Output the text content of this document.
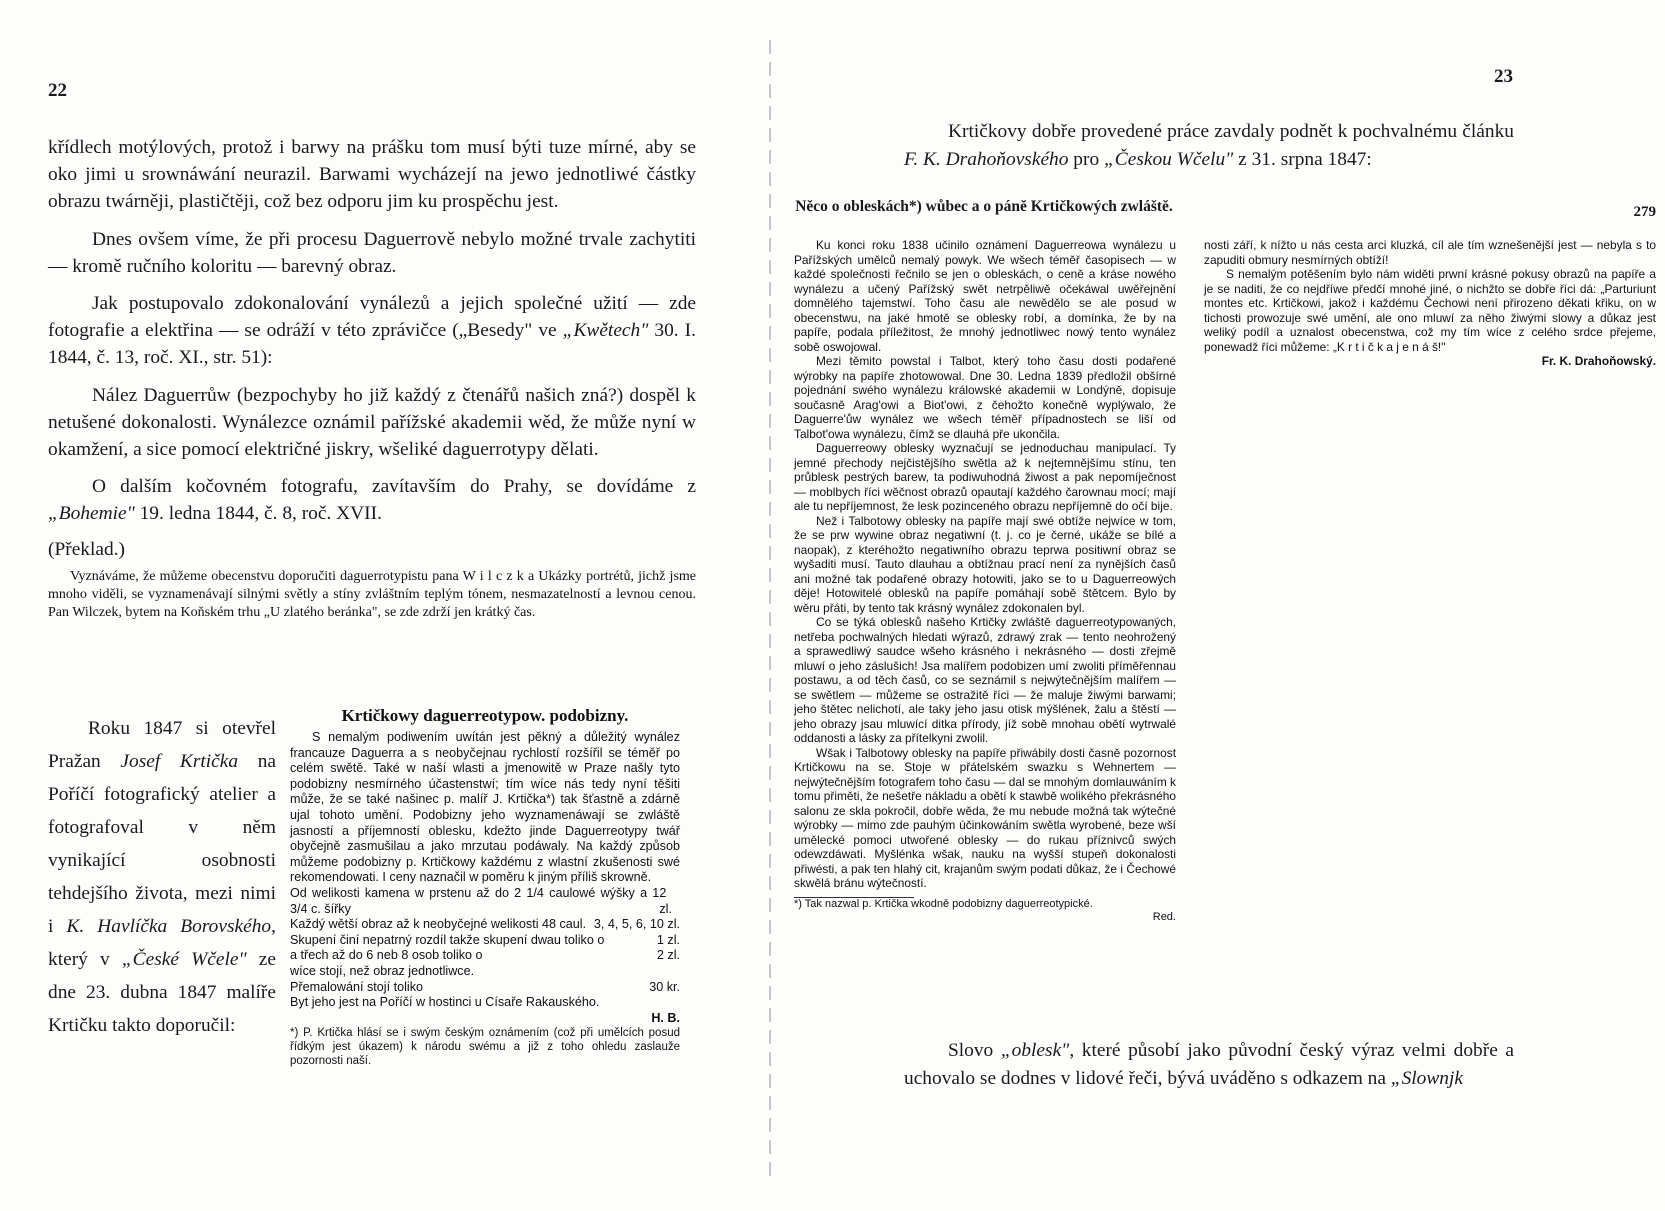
22

křídlech motýlových, protož i barwy na prášku tom musí býti tuze mírné, aby se oko jimi u srownáwání neurazil. Barwami wycházejí na jewo jednotliwé částky obrazu twárněji, plastičtěji, což bez odporu jim ku prospěchu jest.

Dnes ovšem víme, že při procesu Daguerrově nebylo možné trvale zachytiti — kromě ručního koloritu — barevný obraz.

Jak postupovalo zdokonalování vynálezů a jejich společné užití — zde fotografie a elektřina — se odráží v této zprávičce („Besedy" ve „Kwětech" 30. I. 1844, č. 13, roč. XI., str. 51):

Nález Daguerrůw (bezpochyby ho již každý z čtenářů našich zná?) dospěl k netušené dokonalosti. Wynálezce oznámil pařížské akademii wěd, že může nyní w okamžení, a sice pomocí električné jiskry, wšeliké daguerrotypy dělati.

O dalším kočovném fotografu, zavítavším do Prahy, se dovídáme z „Bohemie" 19. ledna 1844, č. 8, roč. XVII.

(Překlad.)

Vyznáváme, že můžeme obecenstvu doporučiti daguerrotypistu pana W i l c z k a Ukázky portrétů, jichž jsme mnoho viděli, se vyznamenávají silnými světly a stíny zvláštním teplým tónem, nesmazatelností a levnou cenou. Pan Wilczek, bytem na Koňském trhu „U zlatého beránka", se zde zdrží jen krátký čas.

Roku 1847 si otevřel Pražan Josef Krtička na Poříčí fotografický atelier a fotografoval v něm vynikající osobnosti tehdejšího života, mezi nimi i K. Havlíčka Borovského, který v „České Wčele" ze dne 23. dubna 1847 malíře Krtičku takto doporučil:

Krtičkowy daguerreotypow. podobizny.

S nemalým podiwením uwítán jest pěkný a důležitý wynález francauze Daguerra a s neobyčejnau rychlostí rozšířil se téměř po celém swětě. Také w naší wlasti a jmenowitě w Praze našly tyto podobizny nesmírného účastenstwí; tím wíce nás tedy nyní těšiti může, že se také našinec p. malíř J. Krtička*) tak šťastně a zdárně ujal tohoto umění. Podobizny jeho wyznamenáwají se zwláště jasností a příjemností oblesku, kdežto jinde Daguerreotypy twář obyčejně zasmušilau a jako mrzutau podáwaly. Na každý způsob můžeme podobizny p. Krtičkowy každému z wlastní zkušenosti swé rekomendowati. I ceny naznačil w poměru k jiným příliš skrowně.

Od welikosti kamena w prstenu až do 2 1/4 caulowé wýšky a 1 3/4 c. šířky
2 zl.
Každý wětší obraz až k neobyčejné welikosti 48 caul. 3, 4, 5, 6, 10 zl.
Skupení činí nepatrný rozdíl takže skupení dwau toliko o	1 zl.
a třech až do 6 neb 8 osob toliko o	2 zl.
wíce stojí, než obraz jednotliwce.
Přemalowání stojí toliko	30 kr.

Byt jeho jest na Poříčí w hostinci u Císaře Rakauského.

H. B.

*) P. Krtička hlásí se i swým českým oznámením (což při umělcích posud řídkým jest úkazem) k národu swému a již z toho ohledu zaslauže pozornosti naší.

23

Krtičkovy dobře provedené práce zavdaly podnět k pochvalnému článku F. K. Drahoňovského pro „Českou Wčelu" z 31. srpna 1847:

Něco o obleskách*) wůbec a o páně Krtičkowých zwláště.	279

Ku konci roku 1838 učinilo oznámení Daguerreowa wynálezu u Pařížských umělců nemalý powyk. We wšech téměř časopisech — w každé společnosti řečnilo se jen o obleskách, o ceně a kráse nowého wynálezu a učený Pařížský swět netrpěliwě očekáwal uwěřejnění domnělého tajemstwí. Toho času ale newědělo se ale posud w obecenstwu, na jaké hmotě se oblesky robí, a domínka, že by na papíře, podala příležitost, že mnohý jednotliwec nowý tento wynález sobě oswojowal.

Mezi těmito powstal i Talbot, který toho času dosti podařené wýrobky na papíře zhotowowal. Dne 30. Ledna 1839 předložil obšírné pojednání swého wynálezu králowské akademii w Londýně, dopisuje současně Arag'owi a Biot'owi, z čehožto konečně wyplýwalo, že Daguerre'ůw wynález we wšech téměř případnostech se liší od Talbot'owa wynálezu, čímž se dlauhá pře ukončila.

Daguerreowy oblesky wyznačují se jednoduchau manipulací. Ty jemné přechody nejčistějšího swětla až k nejtemnějšímu stínu, ten průblesk pestrých barew, ta podiwuhodná žiwost a pak nepomíječnost — moblbych říci wěčnost obrazů opautají každého čarownau mocí; mají ale tu nepříjemnost, že lesk pozinceného obrazu nepříjemně do očí bije.

Než i Talbotowy oblesky na papíře mají swé obtíže nejwíce w tom, že se prw wywine obraz negatiwní (t. j. co je černé, ukáže se bílé a naopak), z kteréhožto negatiwního obrazu teprwa positiwní obraz se wyšaditi musí. Tauto dlauhau a obtížnau prací není za nynějších časů ani možné tak podařené obrazy hotowiti, jako se to u Daguerreowých děje! Hotowitelé oblesků na papíře pomáhají sobě štětcem. Bylo by wěru přáti, by tento tak krásný wynález zdokonalen byl.

Co se týká oblesků našeho Krtičky zwláště daguerreotypowaných, netřeba pochwalných hledati wýrazů, zdrawý zrak — tento neohrožený a sprawedliwý saudce wšeho krásného i nekrásného — dosti zřejmě mluwí o jeho záslušich! Jsa malířem podobizen umí zwoliti příměřennau postawu, a od těch časů, co se seznámil s nejwýtečnějším malířem — se swětlem — můžeme se ostražitě říci — že maluje žiwými barwami; jeho štětec nelichotí, ale taky jeho jasu otisk mýšlének, žalu a štěstí — jeho obrazy jsau mluwící ditka přírody, jíž sobě mnohau obětí wytrwalé oddanosti a lásky za přítelkyni zwolil.

Wšak i Talbotowy oblesky na papíře přiwábily dosti časně pozornost Krtičkowu na se. Stoje w přátelském swazku s Wehnertem — nejwýtečnějším fotografem toho času — dal se mnohým domlauwáním k tomu přiměti, že nešetře nákladu a obětí k stawbě wolikého překrásného salonu ze skla pokročil, dobře wěda, že mu nebude možná tak wýtečné wýrobky — mimo zde pauhým účinkowáním swětla wyrobené, beze wší umělecké pomoci utwořené oblesky — do rukau příznivců swých odewzdáwati. Myšlénka wšak, nauku na wyšší stupeň dokonalosti přiwésti, a pak ten hlahý cit, krajanům swým podati důkaz, že i Čechowé skwělá bránu wýtečností.

*) Tak nazwal p. Krtička wkodně podobizny daguerreotypické.

Red.

nosti září, k nížto u nás cesta arci kluzká, cíl ale tím wznešenější jest — nebyla s to zapuditi obmury nesmírných obtíží!

S nemalým potěšením bylo nám widěti prwní krásné pokusy obrazů na papíře a je se naditi, že co nejdříwe předčí mnohé jiné, o nichžto se dobře říci dá: „Parturiunt montes etc. Krtičkowi, jakož i každému Čechowi není přirozeno děkati křiku, on w tichosti prowozuje swé umění, ale ono mluwí za něho žiwými slowy a důkaz jest weliký podíl a uznalost obecenstwa, což my tím wíce z celého srdce přejeme, ponewadž říci můžeme: „K r t i č k a j e n á š!"

Fr. K. Drahoňowský.

Slovo „oblesk", které působí jako původní český výraz velmi dobře a uchovalo se dodnes v lidové řeči, bývá uváděno s odkazem na „Slownjk
